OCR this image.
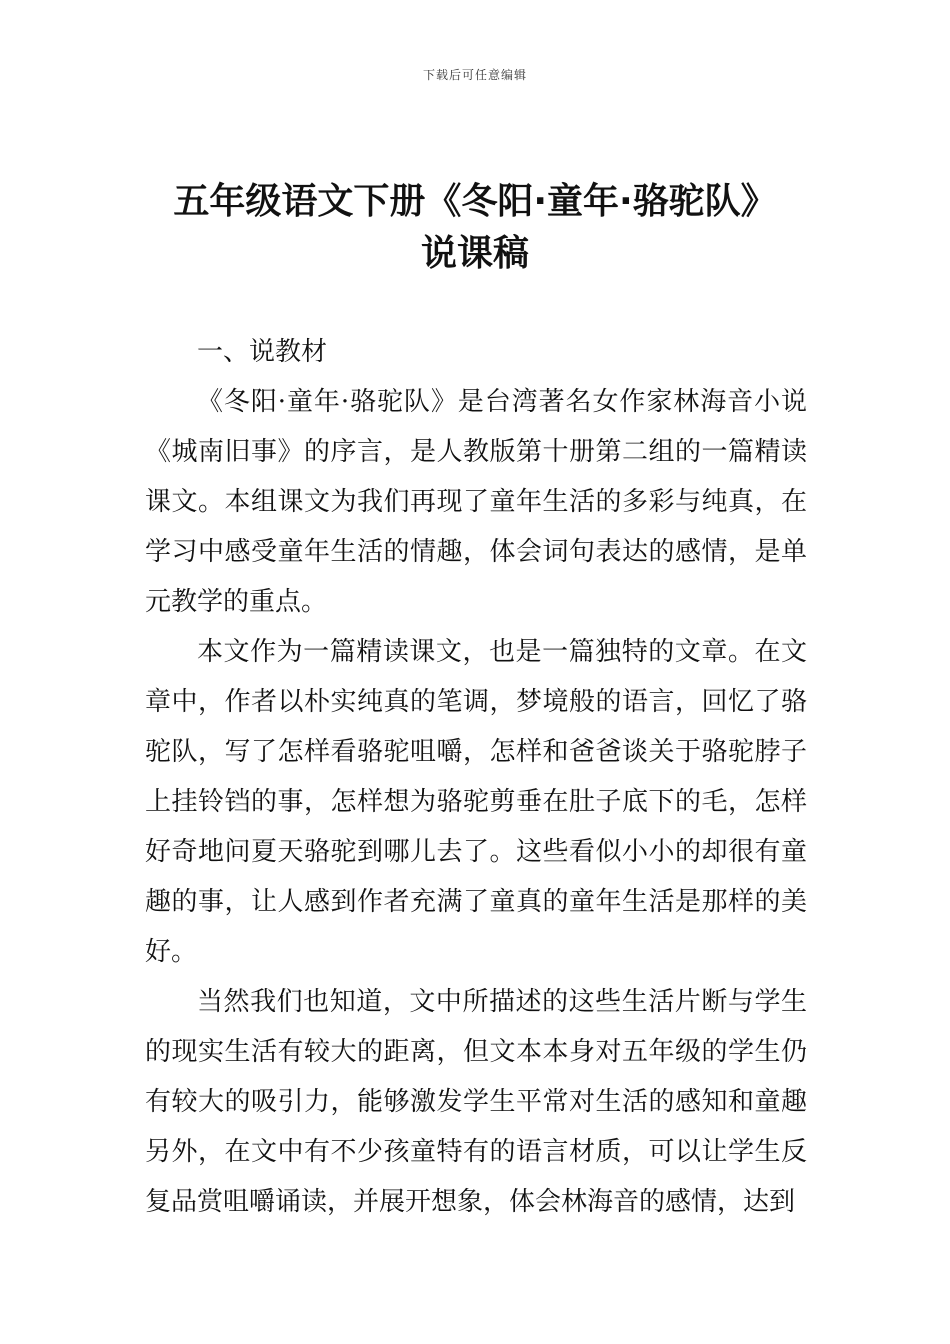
下载后可任意编辑
五年级语文下册《冬阳·童年·骆驼队》
说课稿

一、说教材

《冬阳·童年·骆驼队》是台湾著名女作家林海音小说《城南旧事》的序言，是人教版第十册第二组的一篇精读课文。本组课文为我们再现了童年生活的多彩与纯真，在学习中感受童年生活的情趣，体会词句表达的感情，是单元教学的重点。

本文作为一篇精读课文，也是一篇独特的文章。在文章中，作者以朴实纯真的笔调，梦境般的语言，回忆了骆驼队，写了怎样看骆驼咀嚼，怎样和爸爸谈关于骆驼脖子上挂铃铛的事，怎样想为骆驼剪垂在肚子底下的毛，怎样好奇地问夏天骆驼到哪儿去了。这些看似小小的却很有童趣的事，让人感到作者充满了童真的童年生活是那样的美好。

当然我们也知道，文中所描述的这些生活片断与学生的现实生活有较大的距离，但文本本身对五年级的学生仍有较大的吸引力，能够激发学生平常对生活的感知和童趣另外，在文中有不少孩童特有的语言材质，可以让学生反复品赏咀嚼诵读，并展开想象，体会林海音的感情，达到
